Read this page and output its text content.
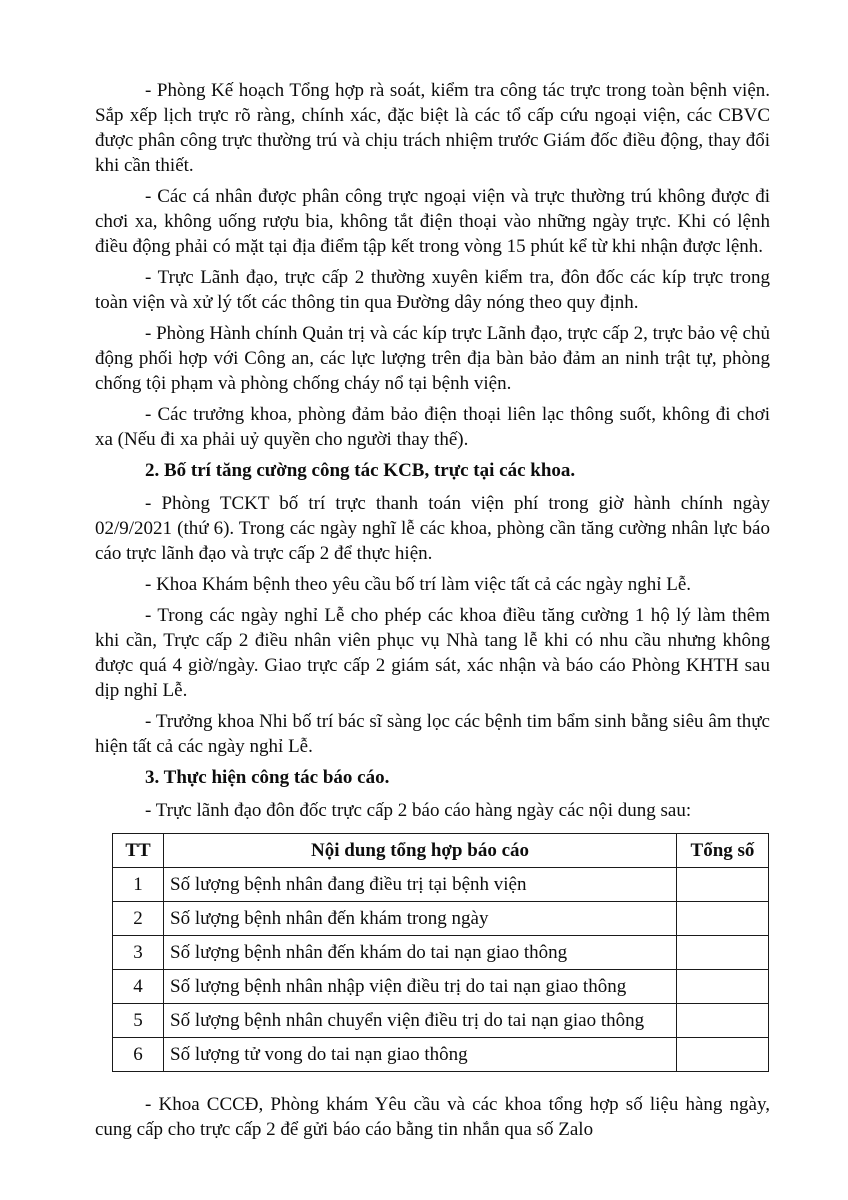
- Phòng Kế hoạch Tổng hợp rà soát, kiểm tra công tác trực trong toàn bệnh viện. Sắp xếp lịch trực rõ ràng, chính xác, đặc biệt là các tổ cấp cứu ngoại viện, các CBVC được phân công trực thường trú và chịu trách nhiệm trước Giám đốc điều động, thay đổi khi cần thiết.

- Các cá nhân được phân công trực ngoại viện và trực thường trú không được đi chơi xa, không uống rượu bia, không tắt điện thoại vào những ngày trực. Khi có lệnh điều động phải có mặt tại địa điểm tập kết trong vòng 15 phút kể từ khi nhận được lệnh.

- Trực Lãnh đạo, trực cấp 2 thường xuyên kiểm tra, đôn đốc các kíp trực trong toàn viện và xử lý tốt các thông tin qua Đường dây nóng theo quy định.

- Phòng Hành chính Quản trị và các kíp trực Lãnh đạo, trực cấp 2, trực bảo vệ chủ động phối hợp với Công an, các lực lượng trên địa bàn bảo đảm an ninh trật tự, phòng chống tội phạm và phòng chống cháy nổ tại bệnh viện.

- Các trưởng khoa, phòng đảm bảo điện thoại liên lạc thông suốt, không đi chơi xa (Nếu đi xa phải uỷ quyền cho người thay thế).

2. Bố trí tăng cường công tác KCB, trực tại các khoa.

- Phòng TCKT bố trí trực thanh toán viện phí trong giờ hành chính ngày 02/9/2021 (thứ 6). Trong các ngày nghĩ lễ các khoa, phòng cần tăng cường nhân lực báo cáo trực lãnh đạo và trực cấp 2 để thực hiện.

- Khoa Khám bệnh theo yêu cầu bố trí làm việc tất cả các ngày nghỉ Lễ.

- Trong các ngày nghỉ Lễ cho phép các khoa điều tăng cường 1 hộ lý làm thêm khi cần, Trực cấp 2 điều nhân viên phục vụ Nhà tang lễ khi có nhu cầu nhưng không được quá 4 giờ/ngày. Giao trực cấp 2 giám sát, xác nhận và báo cáo Phòng KHTH sau dịp nghỉ Lễ.

- Trưởng khoa Nhi bố trí bác sĩ sàng lọc các bệnh tim bẩm sinh bằng siêu âm thực hiện tất cả các ngày nghỉ Lễ.

3. Thực hiện công tác báo cáo.

- Trực lãnh đạo đôn đốc trực cấp 2 báo cáo hàng ngày các nội dung sau:

TT	Nội dung tổng hợp báo cáo	Tổng số
1	Số lượng bệnh nhân đang điều trị tại bệnh viện	
2	Số lượng bệnh nhân đến khám trong ngày	
3	Số lượng bệnh nhân đến khám do tai nạn giao thông	
4	Số lượng bệnh nhân nhập viện điều trị do tai nạn giao thông	
5	Số lượng bệnh nhân chuyển viện điều trị do tai nạn giao thông	
6	Số lượng tử vong do tai nạn giao thông	

- Khoa CCCĐ, Phòng khám Yêu cầu và các khoa tổng hợp số liệu hàng ngày, cung cấp cho trực cấp 2 để gửi báo cáo bằng tin nhắn qua số Zalo
